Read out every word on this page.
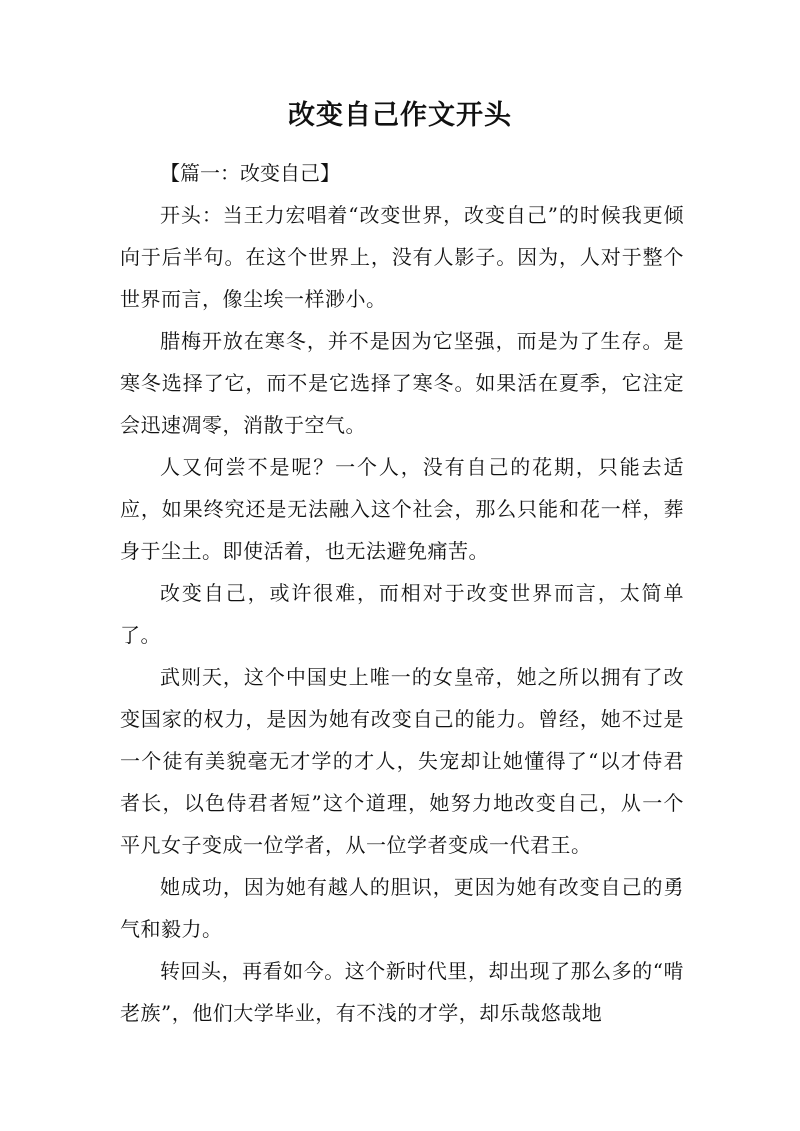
改变自己作文开头

【篇一：改变自己】

开头：当王力宏唱着“改变世界，改变自己”的时候我更倾向于后半句。在这个世界上，没有人影子。因为，人对于整个世界而言，像尘埃一样渺小。

腊梅开放在寒冬，并不是因为它坚强，而是为了生存。是寒冬选择了它，而不是它选择了寒冬。如果活在夏季，它注定会迅速凋零，消散于空气。

人又何尝不是呢？一个人，没有自己的花期，只能去适应，如果终究还是无法融入这个社会，那么只能和花一样，葬身于尘土。即使活着，也无法避免痛苦。

改变自己，或许很难，而相对于改变世界而言，太简单了。

武则天，这个中国史上唯一的女皇帝，她之所以拥有了改变国家的权力，是因为她有改变自己的能力。曾经，她不过是一个徒有美貌毫无才学的才人，失宠却让她懂得了“以才侍君者长，以色侍君者短”这个道理，她努力地改变自己，从一个平凡女子变成一位学者，从一位学者变成一代君王。

她成功，因为她有越人的胆识，更因为她有改变自己的勇气和毅力。

转回头，再看如今。这个新时代里，却出现了那么多的“啃老族”，他们大学毕业，有不浅的才学，却乐哉悠哉地
